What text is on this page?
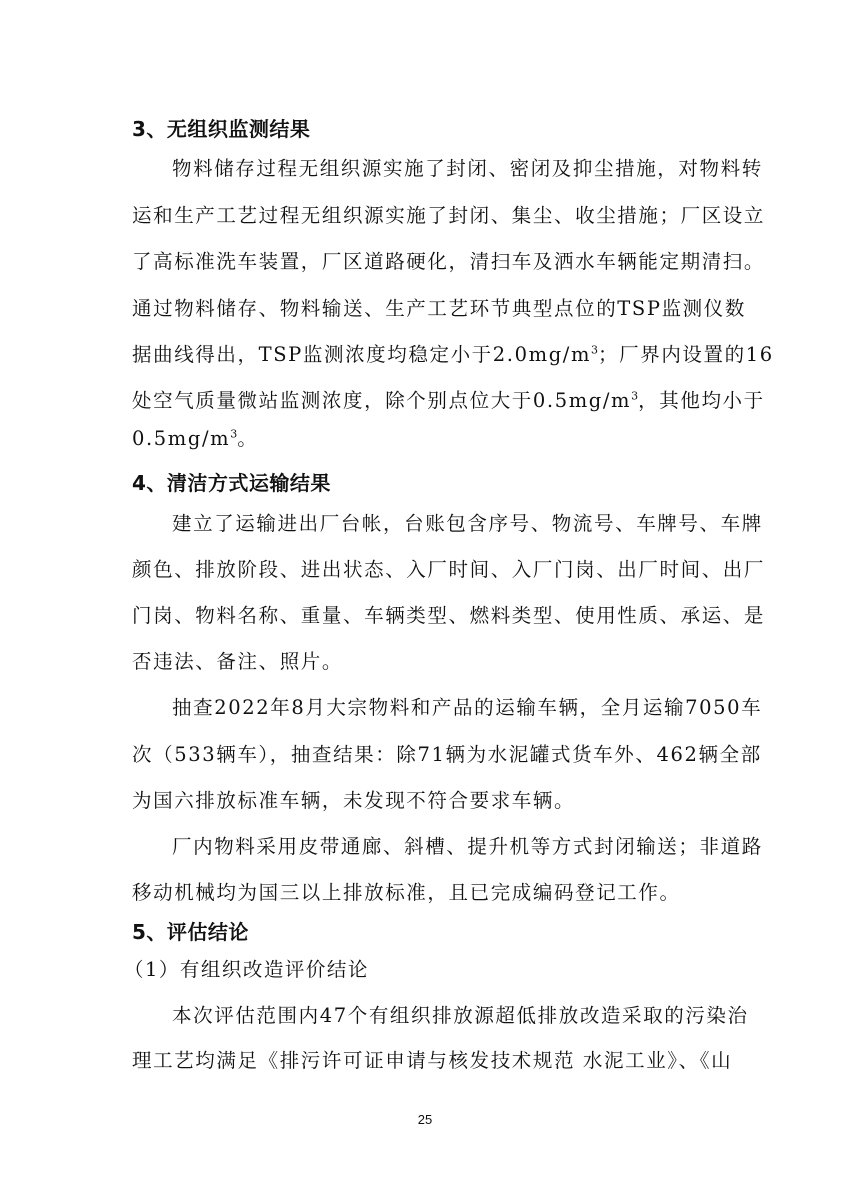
3、无组织监测结果
物料储存过程无组织源实施了封闭、密闭及抑尘措施，对物料转
运和生产工艺过程无组织源实施了封闭、集尘、收尘措施；厂区设立
了高标准洗车装置，厂区道路硬化，清扫车及洒水车辆能定期清扫。
通过物料储存、物料输送、生产工艺环节典型点位的TSP监测仪数
据曲线得出，TSP监测浓度均稳定小于$2.0mg/m^3$；厂界内设置的16
处空气质量微站监测浓度，除个别点位大于$0.5mg/m^3$，其他均小于
$0.5mg/m^3$。
4、清洁方式运输结果
建立了运输进出厂台帐，台账包含序号、物流号、车牌号、车牌
颜色、排放阶段、进出状态、入厂时间、入厂门岗、出厂时间、出厂
门岗、物料名称、重量、车辆类型、燃料类型、使用性质、承运、是
否违法、备注、照片。
抽查2022年8月大宗物料和产品的运输车辆，全月运输7050车
次（533辆车），抽查结果：除71辆为水泥罐式货车外、462辆全部
为国六排放标准车辆，未发现不符合要求车辆。
厂内物料采用皮带通廊、斜槽、提升机等方式封闭输送；非道路
移动机械均为国三以上排放标准，且已完成编码登记工作。
5、评估结论
（1）有组织改造评价结论
本次评估范围内47个有组织排放源超低排放改造采取的污染治
理工艺均满足《排污许可证申请与核发技术规范 水泥工业》、《山
25
